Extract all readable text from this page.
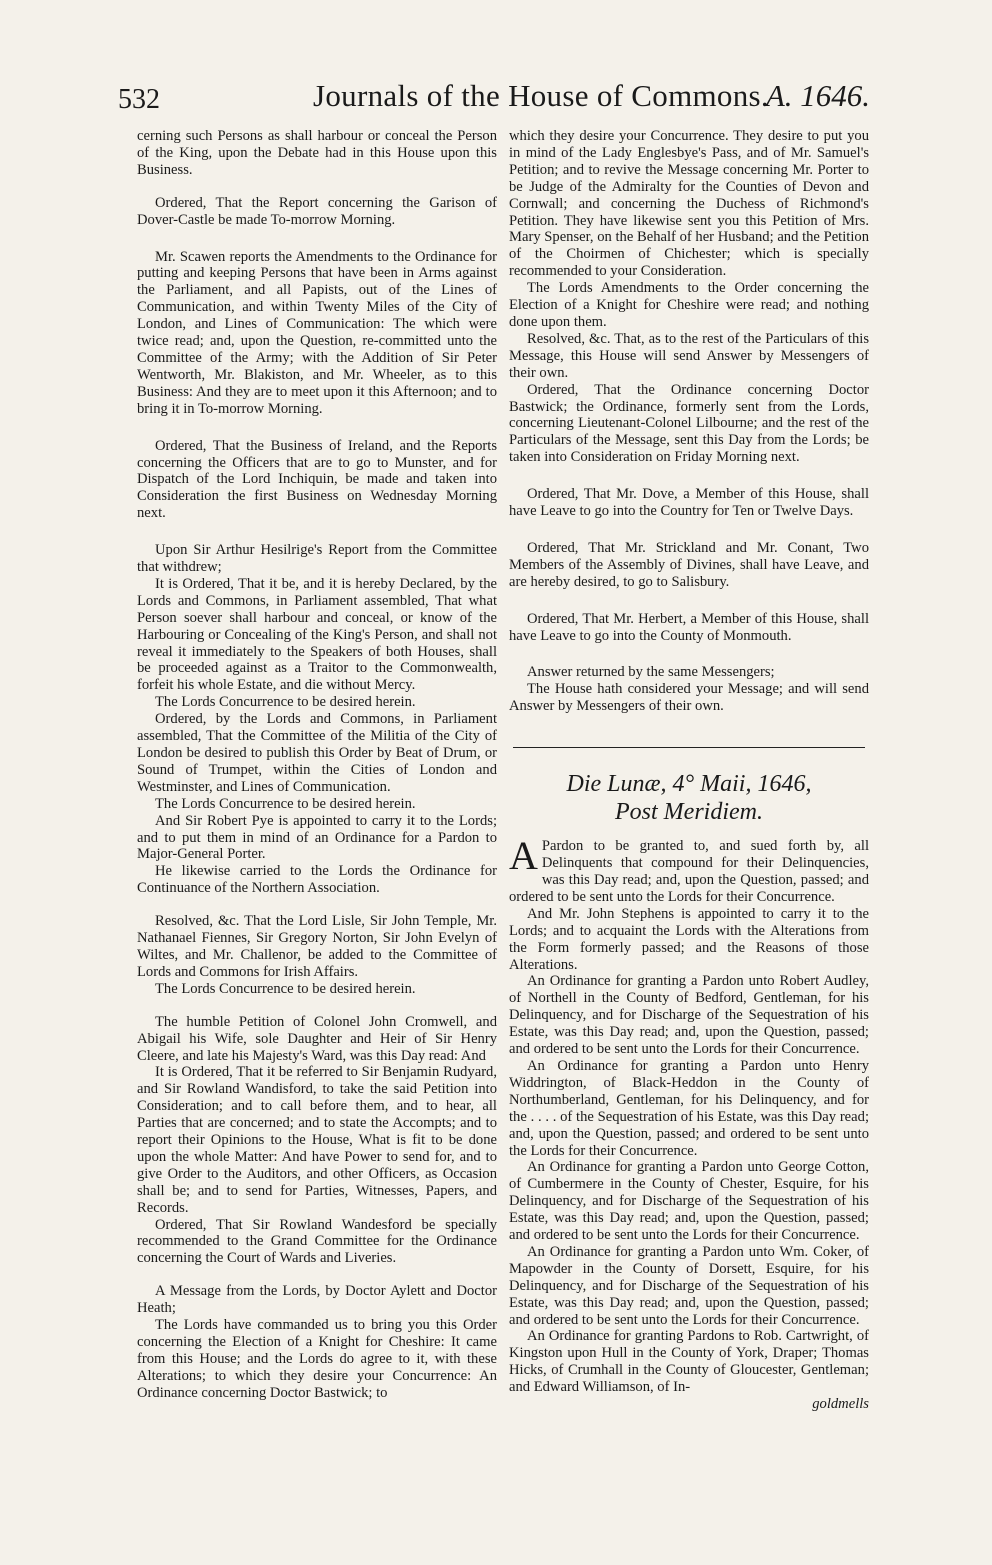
532	Journals of the House of Commons.
A. 1646.

cerning such Persons as shall harbour or conceal the Person of the King, upon the Debate had in this House upon this Business.

Ordered, That the Report concerning the Garison of Dover-Castle be made To-morrow Morning.

Mr. Scawen reports the Amendments to the Ordinance for putting and keeping Persons that have been in Arms against the Parliament, and all Papists, out of the Lines of Communication, and within Twenty Miles of the City of London, and Lines of Communication: The which were twice read; and, upon the Question, re-committed unto the Committee of the Army; with the Addition of Sir Peter Wentworth, Mr. Blakiston, and Mr. Wheeler, as to this Business: And they are to meet upon it this Afternoon; and to bring it in To-morrow Morning.

Ordered, That the Business of Ireland, and the Reports concerning the Officers that are to go to Munster, and for Dispatch of the Lord Inchiquin, be made and taken into Consideration the first Business on Wednesday Morning next.

Upon Sir Arthur Hesilrige's Report from the Committee that withdrew;

It is Ordered, That it be, and it is hereby Declared, by the Lords and Commons, in Parliament assembled, That what Person soever shall harbour and conceal, or know of the Harbouring or Concealing of the King's Person, and shall not reveal it immediately to the Speakers of both Houses, shall be proceeded against as a Traitor to the Commonwealth, forfeit his whole Estate, and die without Mercy.

The Lords Concurrence to be desired herein.

Ordered, by the Lords and Commons, in Parliament assembled, That the Committee of the Militia of the City of London be desired to publish this Order by Beat of Drum, or Sound of Trumpet, within the Cities of London and Westminster, and Lines of Communication.

The Lords Concurrence to be desired herein.

And Sir Robert Pye is appointed to carry it to the Lords; and to put them in mind of an Ordinance for a Pardon to Major-General Porter.

He likewise carried to the Lords the Ordinance for Continuance of the Northern Association.

Resolved, &c. That the Lord Lisle, Sir John Temple, Mr. Nathanael Fiennes, Sir Gregory Norton, Sir John Evelyn of Wiltes, and Mr. Challenor, be added to the Committee of Lords and Commons for Irish Affairs.

The Lords Concurrence to be desired herein.

The humble Petition of Colonel John Cromwell, and Abigail his Wife, sole Daughter and Heir of Sir Henry Cleere, and late his Majesty's Ward, was this Day read: And

It is Ordered, That it be referred to Sir Benjamin Rudyard, and Sir Rowland Wandisford, to take the said Petition into Consideration; and to call before them, and to hear, all Parties that are concerned; and to state the Accompts; and to report their Opinions to the House, What is fit to be done upon the whole Matter: And have Power to send for, and to give Order to the Auditors, and other Officers, as Occasion shall be; and to send for Parties, Witnesses, Papers, and Records.

Ordered, That Sir Rowland Wandesford be specially recommended to the Grand Committee for the Ordinance concerning the Court of Wards and Liveries.

A Message from the Lords, by Doctor Aylett and Doctor Heath;

The Lords have commanded us to bring you this Order concerning the Election of a Knight for Cheshire: It came from this House; and the Lords do agree to it, with these Alterations; to which they desire your Concurrence: An Ordinance concerning Doctor Bastwick; to

which they desire your Concurrence. They desire to put you in mind of the Lady Englesbye's Pass, and of Mr. Samuel's Petition; and to revive the Message concerning Mr. Porter to be Judge of the Admiralty for the Counties of Devon and Cornwall; and concerning the Duchess of Richmond's Petition. They have likewise sent you this Petition of Mrs. Mary Spenser, on the Behalf of her Husband; and the Petition of the Choirmen of Chichester; which is specially recommended to your Consideration.

The Lords Amendments to the Order concerning the Election of a Knight for Cheshire were read; and nothing done upon them.

Resolved, &c. That, as to the rest of the Particulars of this Message, this House will send Answer by Messengers of their own.

Ordered, That the Ordinance concerning Doctor Bastwick; the Ordinance, formerly sent from the Lords, concerning Lieutenant-Colonel Lilbourne; and the rest of the Particulars of the Message, sent this Day from the Lords; be taken into Consideration on Friday Morning next.

Ordered, That Mr. Dove, a Member of this House, shall have Leave to go into the Country for Ten or Twelve Days.

Ordered, That Mr. Strickland and Mr. Conant, Two Members of the Assembly of Divines, shall have Leave, and are hereby desired, to go to Salisbury.

Ordered, That Mr. Herbert, a Member of this House, shall have Leave to go into the County of Monmouth.

Answer returned by the same Messengers;

The House hath considered your Message; and will send Answer by Messengers of their own.

Die Lunæ, 4° Maii, 1646,
Post Meridiem.

A Pardon to be granted to, and sued forth by, all Delinquents that compound for their Delinquencies, was this Day read; and, upon the Question, passed; and ordered to be sent unto the Lords for their Concurrence.

And Mr. John Stephens is appointed to carry it to the Lords; and to acquaint the Lords with the Alterations from the Form formerly passed; and the Reasons of those Alterations.

An Ordinance for granting a Pardon unto Robert Audley, of Northell in the County of Bedford, Gentleman, for his Delinquency, and for Discharge of the Sequestration of his Estate, was this Day read; and, upon the Question, passed; and ordered to be sent unto the Lords for their Concurrence.

An Ordinance for granting a Pardon unto Henry Widdrington, of Black-Heddon in the County of Northumberland, Gentleman, for his Delinquency, and for the . . . . of the Sequestration of his Estate, was this Day read; and, upon the Question, passed; and ordered to be sent unto the Lords for their Concurrence.

An Ordinance for granting a Pardon unto George Cotton, of Cumbermere in the County of Chester, Esquire, for his Delinquency, and for Discharge of the Sequestration of his Estate, was this Day read; and, upon the Question, passed; and ordered to be sent unto the Lords for their Concurrence.

An Ordinance for granting a Pardon unto Wm. Coker, of Mapowder in the County of Dorsett, Esquire, for his Delinquency, and for Discharge of the Sequestration of his Estate, was this Day read; and, upon the Question, passed; and ordered to be sent unto the Lords for their Concurrence.

An Ordinance for granting Pardons to Rob. Cartwright, of Kingston upon Hull in the County of York, Draper; Thomas Hicks, of Crumhall in the County of Gloucester, Gentleman; and Edward Williamson, of In-

goldmells
